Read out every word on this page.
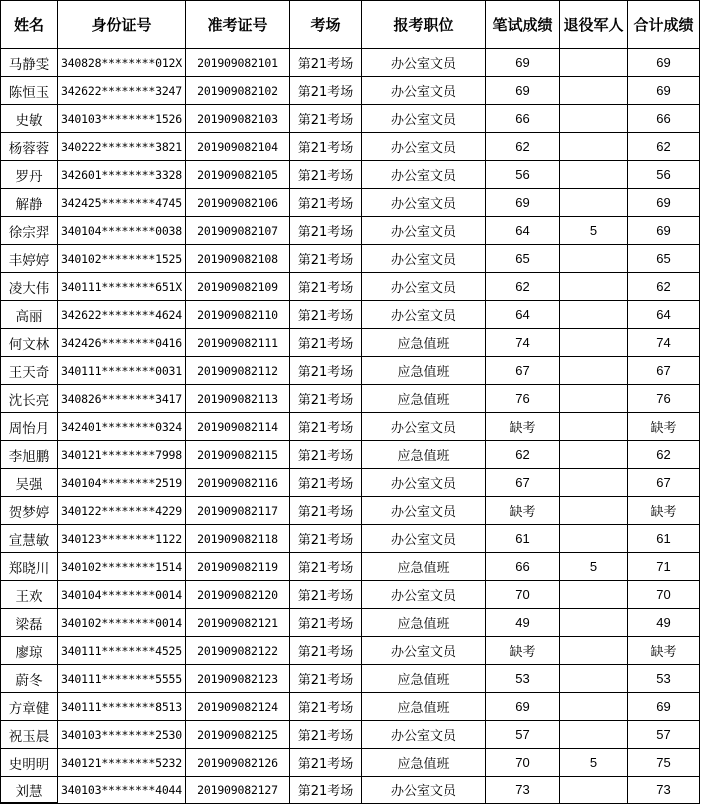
姓名	身份证号	准考证号	考场	报考职位	笔试成绩	退役军人	合计成绩
马静雯	340828********012X	201909082101	第21考场	办公室文员	69		69
陈恒玉	342622********3247	201909082102	第21考场	办公室文员	69		69
史敏	340103********1526	201909082103	第21考场	办公室文员	66		66
杨蓉蓉	340222********3821	201909082104	第21考场	办公室文员	62		62
罗丹	342601********3328	201909082105	第21考场	办公室文员	56		56
解静	342425********4745	201909082106	第21考场	办公室文员	69		69
徐宗羿	340104********0038	201909082107	第21考场	办公室文员	64	5	69
丰婷婷	340102********1525	201909082108	第21考场	办公室文员	65		65
凌大伟	340111********651X	201909082109	第21考场	办公室文员	62		62
高丽	342622********4624	201909082110	第21考场	办公室文员	64		64
何文林	342426********0416	201909082111	第21考场	应急值班	74		74
王天奇	340111********0031	201909082112	第21考场	应急值班	67		67
沈长亮	340826********3417	201909082113	第21考场	应急值班	76		76
周怡月	342401********0324	201909082114	第21考场	办公室文员	缺考		缺考
李旭鹏	340121********7998	201909082115	第21考场	应急值班	62		62
吴强	340104********2519	201909082116	第21考场	办公室文员	67		67
贺梦婷	340122********4229	201909082117	第21考场	办公室文员	缺考		缺考
宣慧敏	340123********1122	201909082118	第21考场	办公室文员	61		61
郑晓川	340102********1514	201909082119	第21考场	应急值班	66	5	71
王欢	340104********0014	201909082120	第21考场	办公室文员	70		70
梁磊	340102********0014	201909082121	第21考场	应急值班	49		49
廖琼	340111********4525	201909082122	第21考场	办公室文员	缺考		缺考
蔚冬	340111********5555	201909082123	第21考场	应急值班	53		53
方章健	340111********8513	201909082124	第21考场	应急值班	69		69
祝玉晨	340103********2530	201909082125	第21考场	办公室文员	57		57
史明明	340121********5232	201909082126	第21考场	应急值班	70	5	75
刘慧	340103********4044	201909082127	第21考场	办公室文员	73		73
